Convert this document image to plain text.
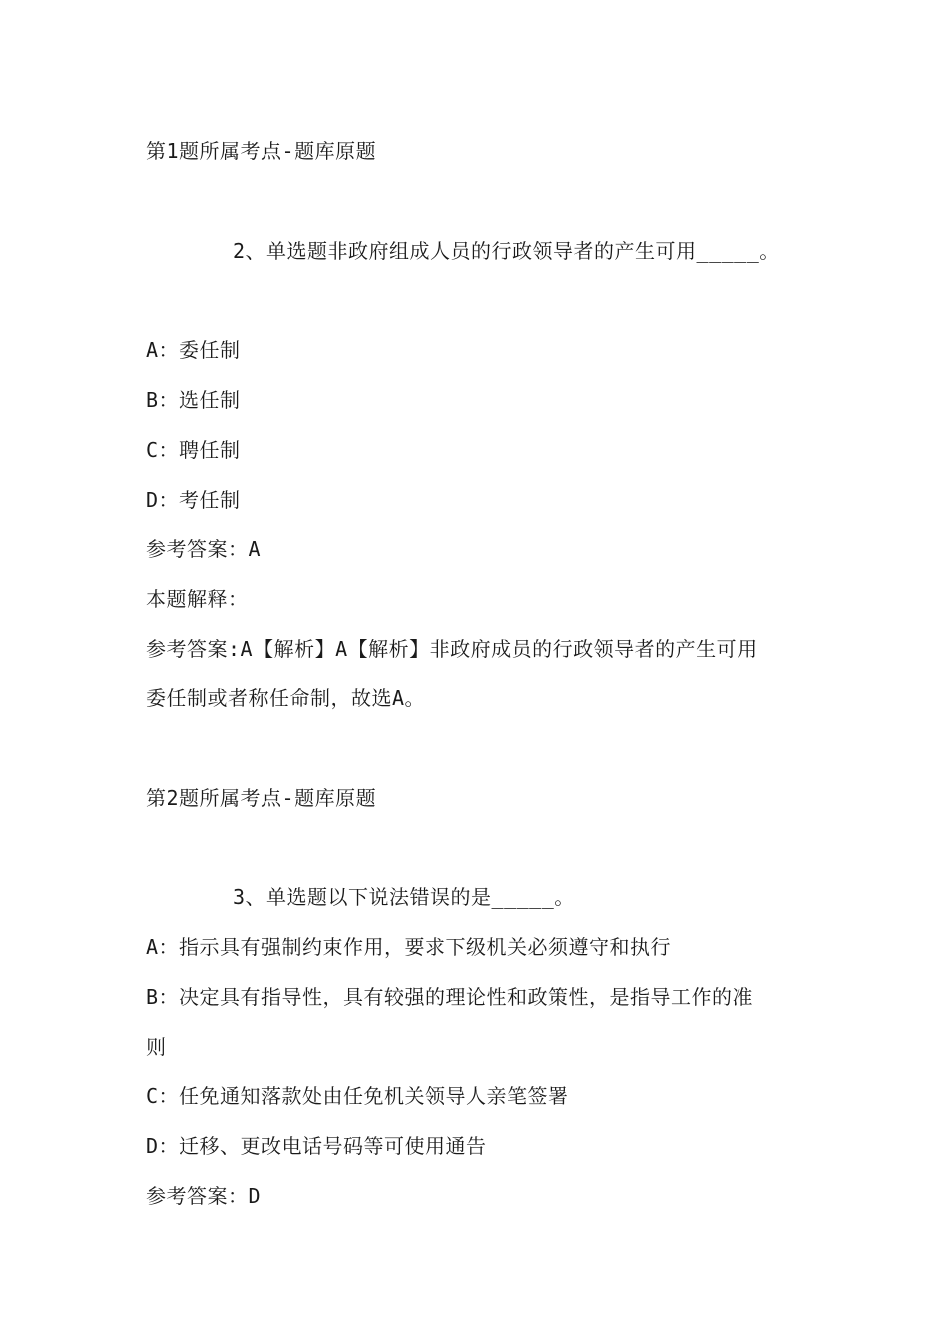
第1题所属考点-题库原题
2、单选题非政府组成人员的行政领导者的产生可用_____。
A：委任制
B：选任制
C：聘任制
D：考任制
参考答案：A
本题解释：
参考答案:A【解析】A【解析】非政府成员的行政领导者的产生可用
委任制或者称任命制，故选A。
第2题所属考点-题库原题
3、单选题以下说法错误的是_____。
A：指示具有强制约束作用，要求下级机关必须遵守和执行
B：决定具有指导性，具有较强的理论性和政策性，是指导工作的准
则
C：任免通知落款处由任免机关领导人亲笔签署
D：迁移、更改电话号码等可使用通告
参考答案：D
